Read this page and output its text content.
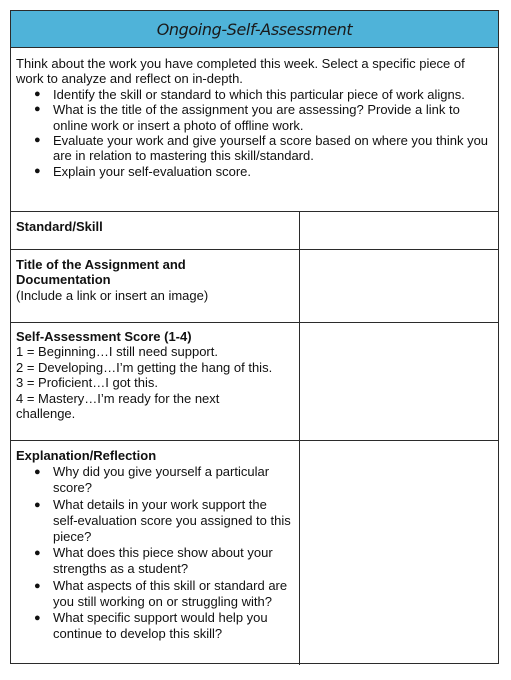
Ongoing-Self-Assessment

Think about the work you have completed this week. Select a specific piece of work to analyze and reflect on in-depth.

● Identify the skill or standard to which this particular piece of work aligns.
● What is the title of the assignment you are assessing? Provide a link to online work or insert a photo of offline work.
● Evaluate your work and give yourself a score based on where you think you are in relation to mastering this skill/standard.
● Explain your self-evaluation score.
Standard/Skill
Title of the Assignment and Documentation
(Include a link or insert an image)
Self-Assessment Score (1-4)
1 = Beginning…I still need support.
2 = Developing…I’m getting the hang of this.
3 = Proficient…I got this.
4 = Mastery…I’m ready for the next challenge.
Explanation/Reflection
● Why did you give yourself a particular score?
● What details in your work support the self-evaluation score you assigned to this piece?
● What does this piece show about your strengths as a student?
● What aspects of this skill or standard are you still working on or struggling with?
● What specific support would help you continue to develop this skill?
